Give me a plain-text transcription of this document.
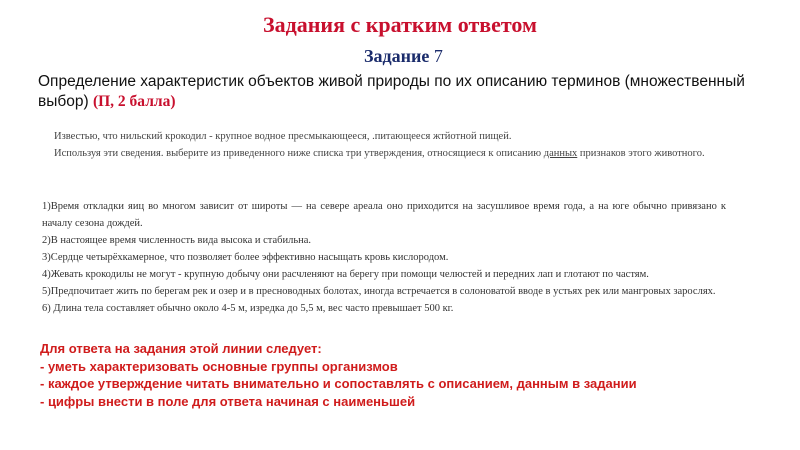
Задания с кратким ответом
Задание 7
Определение характеристик объектов живой природы по их описанию терминов (множественный выбор) (П, 2 балла)

Известью, что нильский крокодил - крупное водное пресмыкающееся, .питающееся жтйотной пищей.

Используя эти сведения. выберите из приведенного ниже списка три утверждения, относящиеся к описанию данных признаков этого животного.

1)Время откладки яиц во многом зависит от широты — на севере ареала оно приходится на засушливое время года, а на юге обычно привязано к началу сезона дождей.

2)В настоящее время численность вида высока и стабильна.

3)Сердце четырёхкамерное, что позволяет более эффективно насыщать кровь кислородом.

4)Жевать крокодилы не могут - крупную добычу они расчленяют на берегу при помощи челюстей и передних лап и глотают по частям.

5)Предпочитает жить по берегам рек и озер и в пресноводных болотах, иногда встречается в солоноватой вводе в устьях рек или мангровых зарослях.

6) Длина тела составляет обычно около 4-5 м, изредка до 5,5 м, вес часто превышает 500 кг.

Для ответа на задания этой линии следует:
- уметь характеризовать основные группы организмов
- каждое утверждение читать внимательно и сопоставлять с описанием, данным в задании
- цифры внести в поле для ответа начиная с наименьшей
